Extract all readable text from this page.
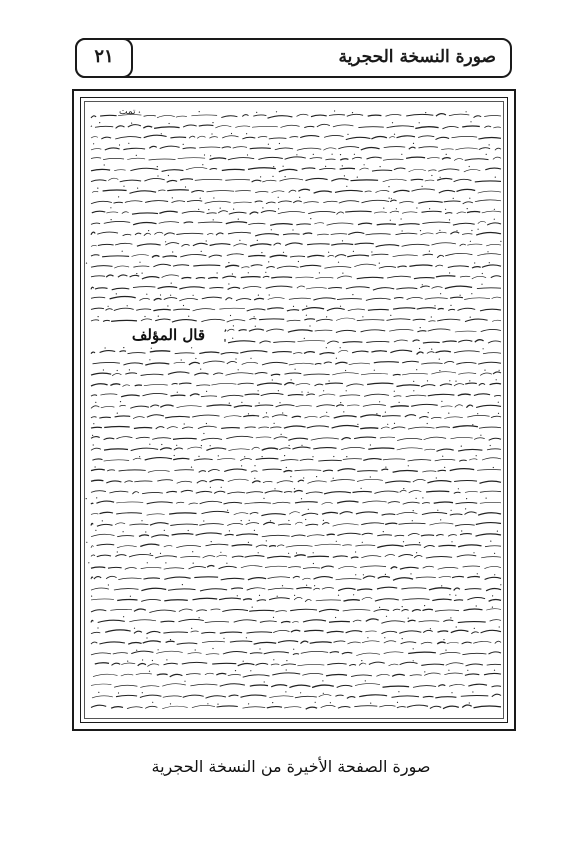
٢١	صورة النسخة الحجرية
قال المؤلف
تمت
صورة الصفحة الأخيرة من النسخة الحجرية
